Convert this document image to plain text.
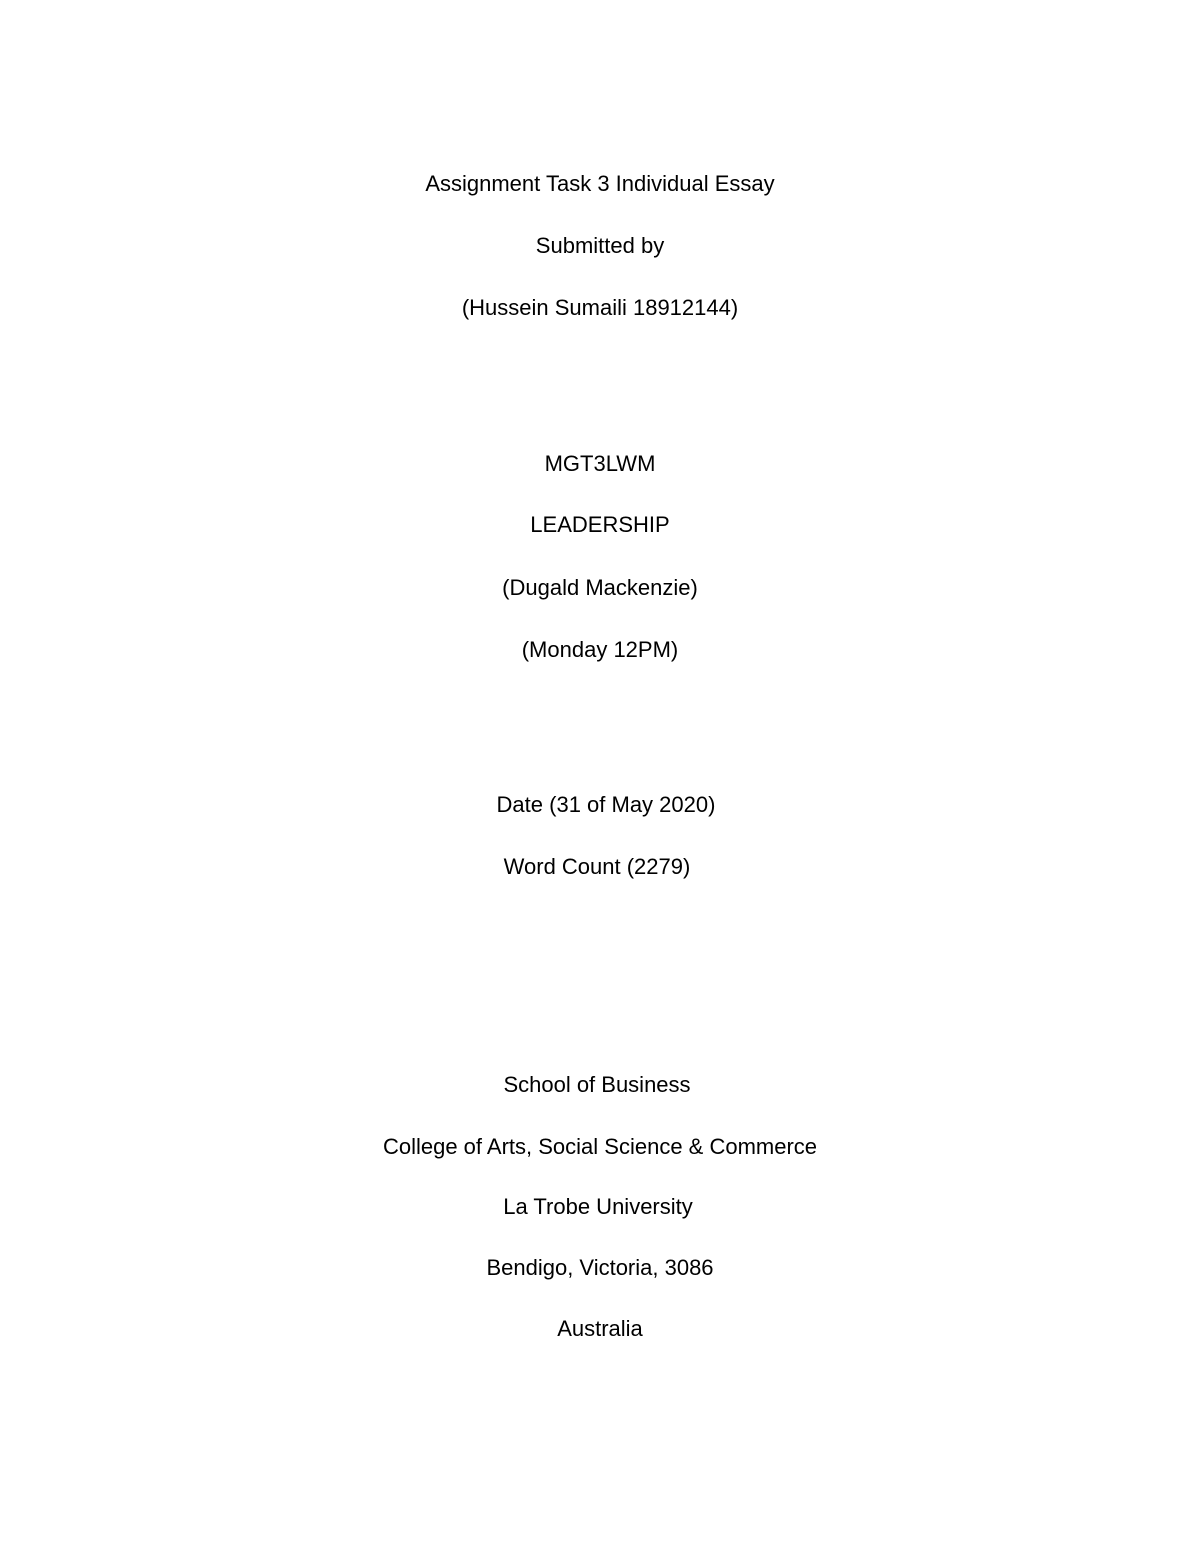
Assignment Task 3 Individual Essay
Submitted by
(Hussein Sumaili 18912144)
MGT3LWM
LEADERSHIP
(Dugald Mackenzie)
(Monday 12PM)
Date (31 of May 2020)
Word Count (2279)
School of Business
College of Arts, Social Science & Commerce
La Trobe University
Bendigo, Victoria, 3086
Australia
